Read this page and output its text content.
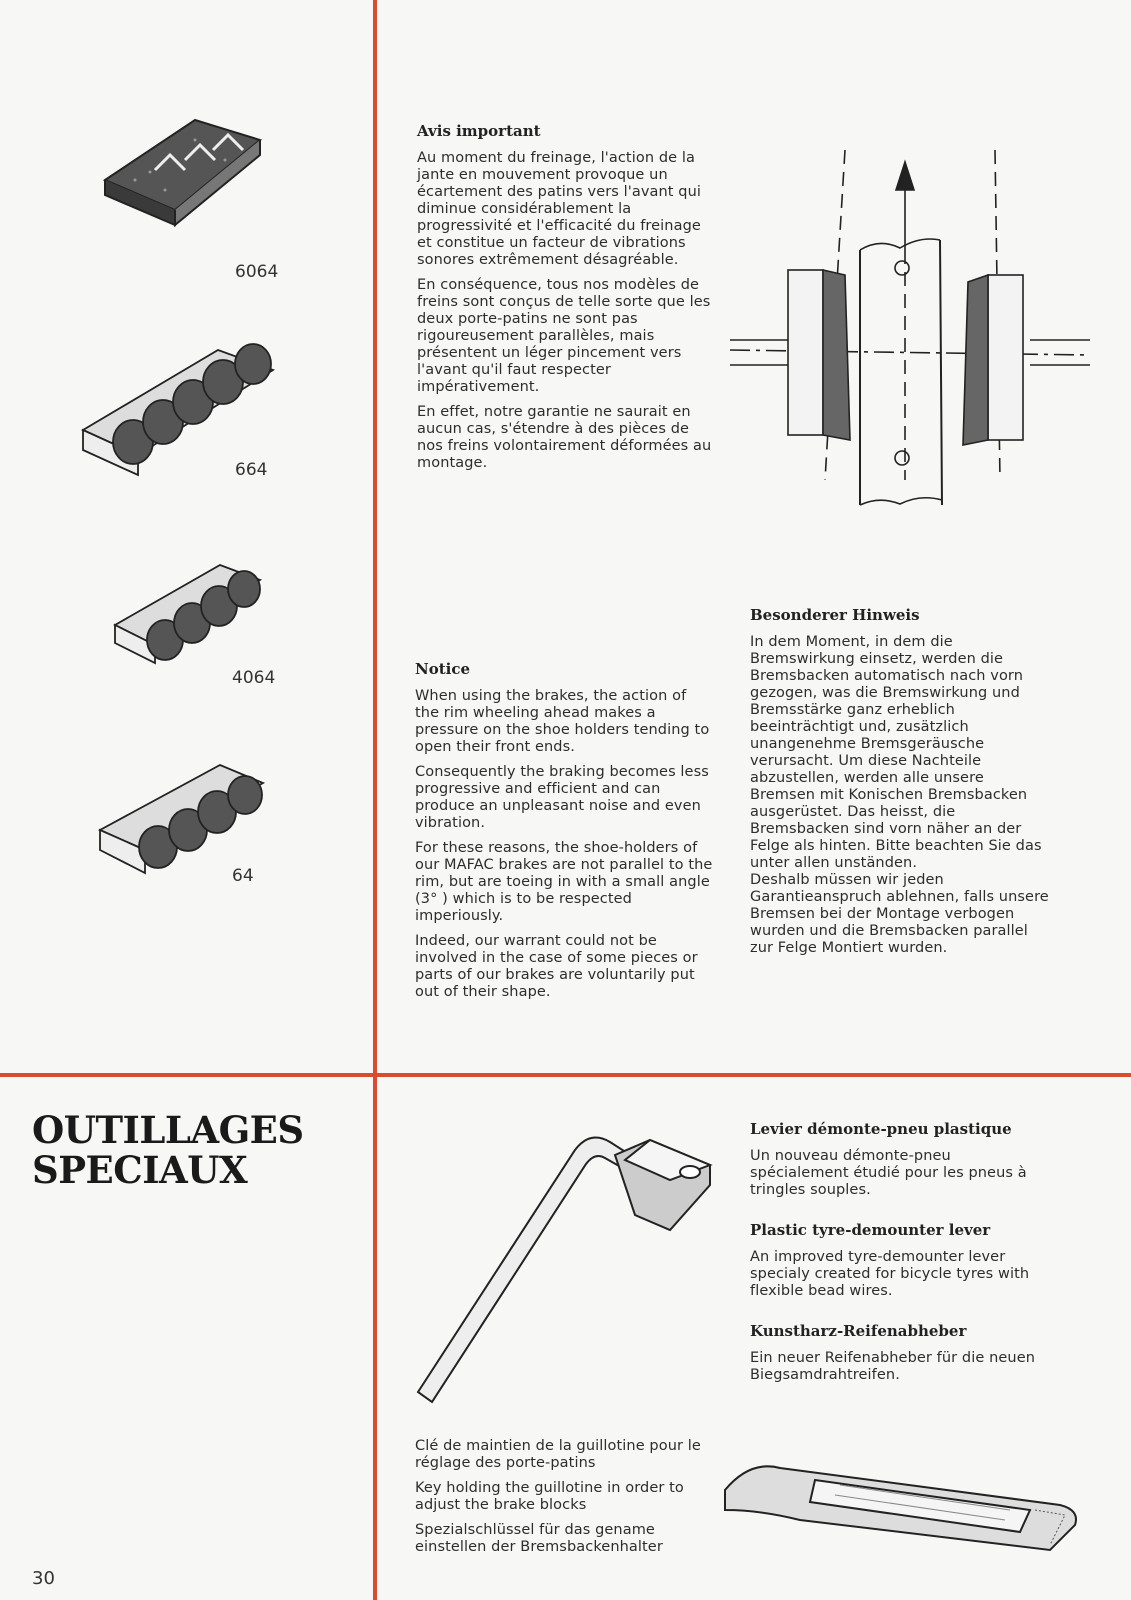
6064
664
4064
64

Avis important

Au moment du freinage, l'action de la jante en mouvement provoque un écartement des patins vers l'avant qui diminue considérablement la progressivité et l'efficacité du freinage et constitue un facteur de vibrations sonores extrêmement désagréable.

En conséquence, tous nos modèles de freins sont conçus de telle sorte que les deux porte-patins ne sont pas rigoureusement parallèles, mais présentent un léger pincement vers l'avant qu'il faut respecter impérativement.

En effet, notre garantie ne saurait en aucun cas, s'étendre à des pièces de nos freins volontairement déformées au montage.

Notice

When using the brakes, the action of the rim wheeling ahead makes a pressure on the shoe holders tending to open their front ends.

Consequently the braking becomes less progressive and efficient and can produce an unpleasant noise and even vibration.

For these reasons, the shoe-holders of our MAFAC brakes are not parallel to the rim, but are toeing in with a small angle (3° ) which is to be respected imperiously.

Indeed, our warrant could not be involved in the case of some pieces or parts of our brakes are voluntarily put out of their shape.

Besonderer Hinweis

In dem Moment, in dem die Bremswirkung einsetz, werden die Bremsbacken automatisch nach vorn gezogen, was die Bremswirkung und Bremsstärke ganz erheblich beeinträchtigt und, zusätzlich unangenehme Bremsgeräusche verursacht. Um diese Nachteile abzustellen, werden alle unsere Bremsen mit Konischen Bremsbacken ausgerüstet. Das heisst, die Bremsbacken sind vorn näher an der Felge als hinten. Bitte beachten Sie das unter allen unständen.

Deshalb müssen wir jeden Garantieanspruch ablehnen, falls unsere Bremsen bei der Montage verbogen wurden und die Bremsbacken parallel zur Felge Montiert wurden.

OUTILLAGES
SPECIAUX

Clé de maintien de la guillotine pour le réglage des porte-patins

Key holding the guillotine in order to adjust the brake blocks

Spezialschlüssel für das gename einstellen der Bremsbackenhalter

Levier démonte-pneu plastique

Un nouveau démonte-pneu spécialement étudié pour les pneus à tringles souples.

Plastic tyre-demounter lever

An improved tyre-demounter lever specialy created for bicycle tyres with flexible bead wires.

Kunstharz-Reifenabheber

Ein neuer Reifenabheber für die neuen Biegsamdrahtreifen.

30
